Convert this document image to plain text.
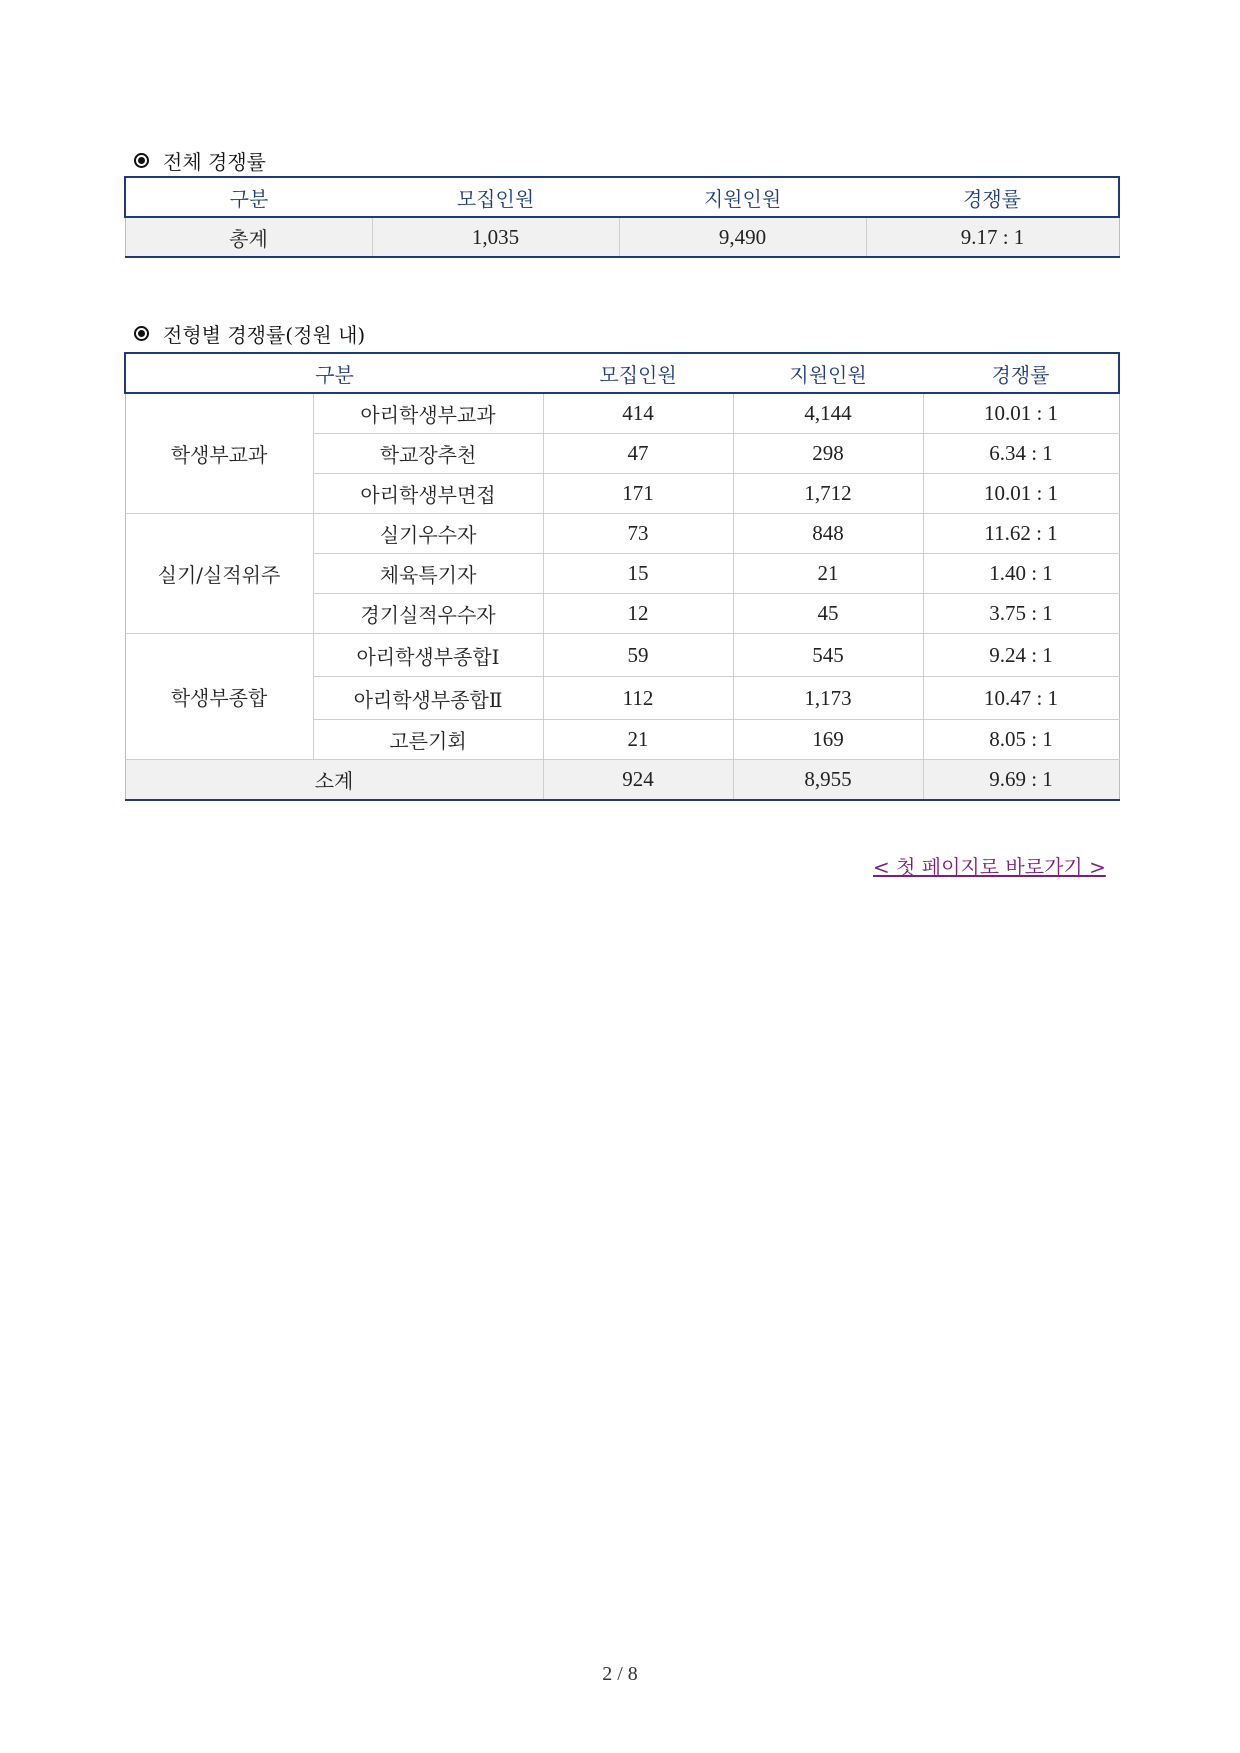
전체 경쟁률
구분	모집인원	지원인원	경쟁률
총계	1,035	9,490	9.17 : 1
전형별 경쟁률(정원 내)
구분		모집인원	지원인원	경쟁률
학생부교과	아리학생부교과	414	4,144	10.01 : 1
	학교장추천	47	298	6.34 : 1
	아리학생부면접	171	1,712	10.01 : 1
실기/실적위주	실기우수자	73	848	11.62 : 1
	체육특기자	15	21	1.40 : 1
	경기실적우수자	12	45	3.75 : 1
학생부종합	아리학생부종합Ⅰ	59	545	9.24 : 1
	아리학생부종합Ⅱ	112	1,173	10.47 : 1
	고른기회	21	169	8.05 : 1
소계		924	8,955	9.69 : 1
< 첫 페이지로 바로가기 >
2 / 8
